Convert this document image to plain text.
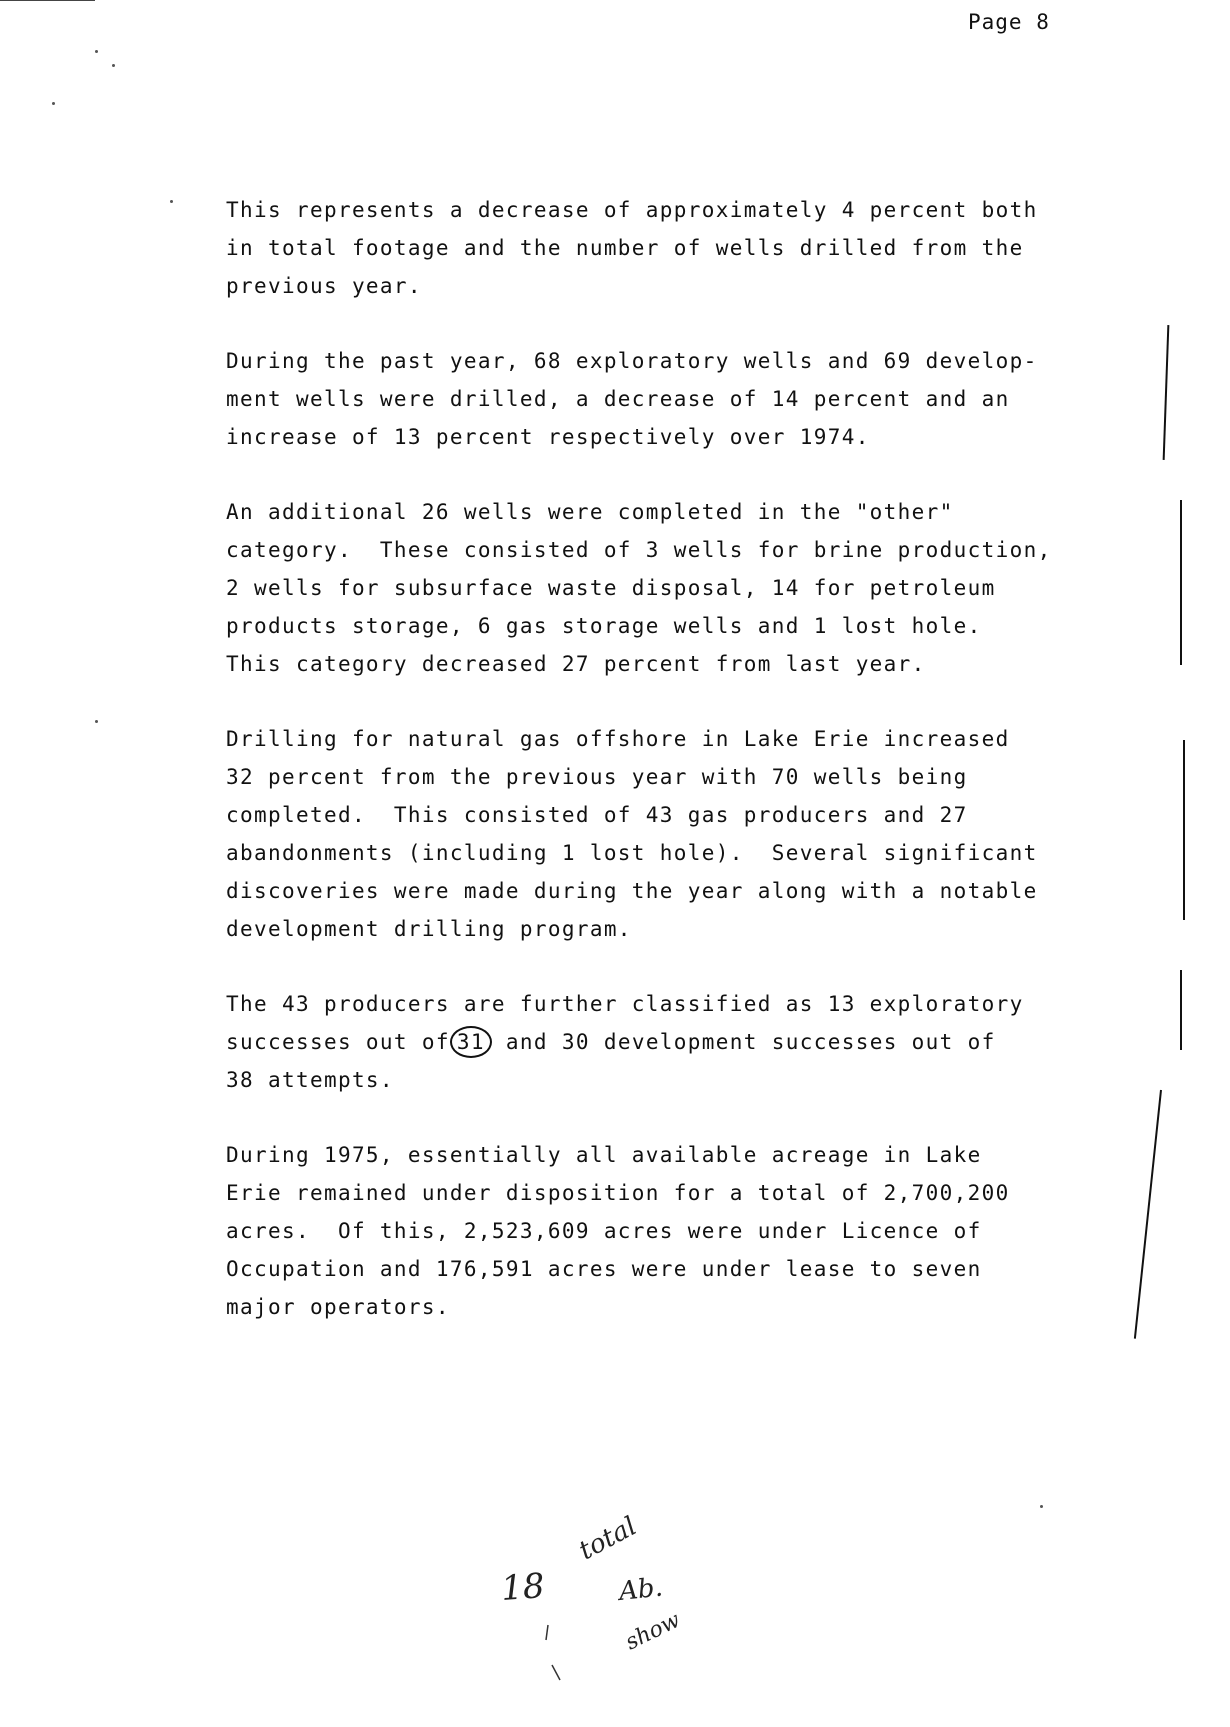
Page 8
This represents a decrease of approximately 4 percent both
in total footage and the number of wells drilled from the
previous year.
During the past year, 68 exploratory wells and 69 develop-
ment wells were drilled, a decrease of 14 percent and an
increase of 13 percent respectively over 1974.
An additional 26 wells were completed in the "other"
category.  These consisted of 3 wells for brine production,
2 wells for subsurface waste disposal, 14 for petroleum
products storage, 6 gas storage wells and 1 lost hole.
This category decreased 27 percent from last year.
Drilling for natural gas offshore in Lake Erie increased
32 percent from the previous year with 70 wells being
completed.  This consisted of 43 gas producers and 27
abandonments (including 1 lost hole).  Several significant
discoveries were made during the year along with a notable
development drilling program.
The 43 producers are further classified as 13 exploratory
successes out of 31 and 30 development successes out of
38 attempts.
During 1975, essentially all available acreage in Lake
Erie remained under disposition for a total of 2,700,200
acres.  Of this, 2,523,609 acres were under Licence of
Occupation and 176,591 acres were under lease to seven
major operators.
18
total
Ab.
show
